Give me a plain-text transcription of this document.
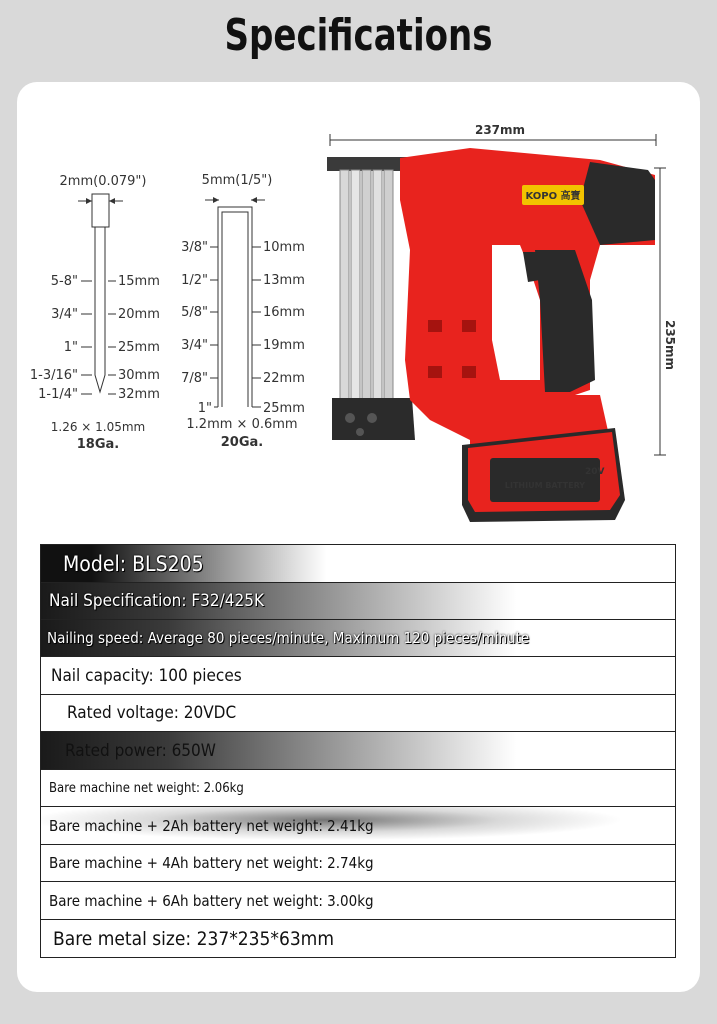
Specifications
2mm(0.079")
5-8"
3/4"
1"
1-3/16"
1-1/4"
15mm
20mm
25mm
30mm
32mm
1.26 × 1.05mm
18Ga.
5mm(1/5")
3/8"
1/2"
5/8"
3/4"
7/8"
1"
10mm
13mm
16mm
19mm
22mm
25mm
1.2mm × 0.6mm
20Ga.
237mm
235mm
KOPO 高寶
LITHIUM BATTERY
20V
Model: BLS205
Nail Specification: F32/425K
Nailing speed: Average 80 pieces/minute, Maximum 120 pieces/minute
Nail capacity: 100 pieces
Rated voltage: 20VDC
Rated power: 650W
Bare machine net weight: 2.06kg
Bare machine + 2Ah battery net weight: 2.41kg
Bare machine + 4Ah battery net weight: 2.74kg
Bare machine + 6Ah battery net weight: 3.00kg
Bare metal size: 237*235*63mm
